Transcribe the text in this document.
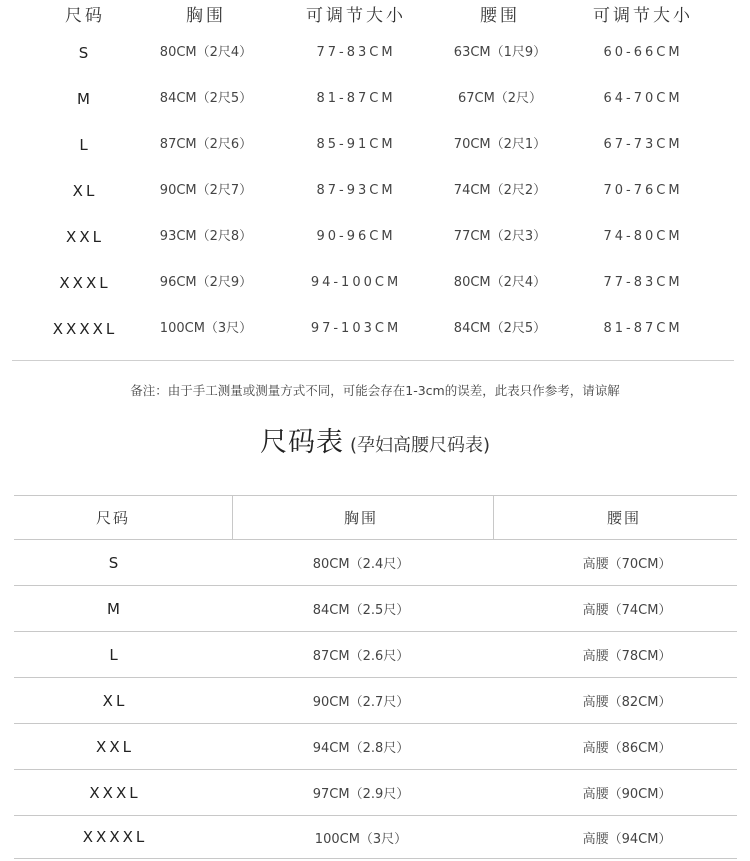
尺码	胸围	可调节大小	腰围	可调节大小
S	80CM（2尺4）	77-83CM	63CM（1尺9）	60-66CM
M	84CM（2尺5）	81-87CM	67CM（2尺）	64-70CM
L	87CM（2尺6）	85-91CM	70CM（2尺1）	67-73CM
XL	90CM（2尺7）	87-93CM	74CM（2尺2）	70-76CM
XXL	93CM（2尺8）	90-96CM	77CM（2尺3）	74-80CM
XXXL	96CM（2尺9）	94-100CM	80CM（2尺4）	77-83CM
XXXXL	100CM（3尺）	97-103CM	84CM（2尺5）	81-87CM
备注：由于手工测量或测量方式不同，可能会存在1-3cm的误差，此表只作参考，请谅解
尺码表 (孕妇高腰尺码表)
尺码	胸围	腰围
S	80CM（2.4尺）	高腰（70CM）
M	84CM（2.5尺）	高腰（74CM）
L	87CM（2.6尺）	高腰（78CM）
XL	90CM（2.7尺）	高腰（82CM）
XXL	94CM（2.8尺）	高腰（86CM）
XXXL	97CM（2.9尺）	高腰（90CM）
XXXXL	100CM（3尺）	高腰（94CM）
